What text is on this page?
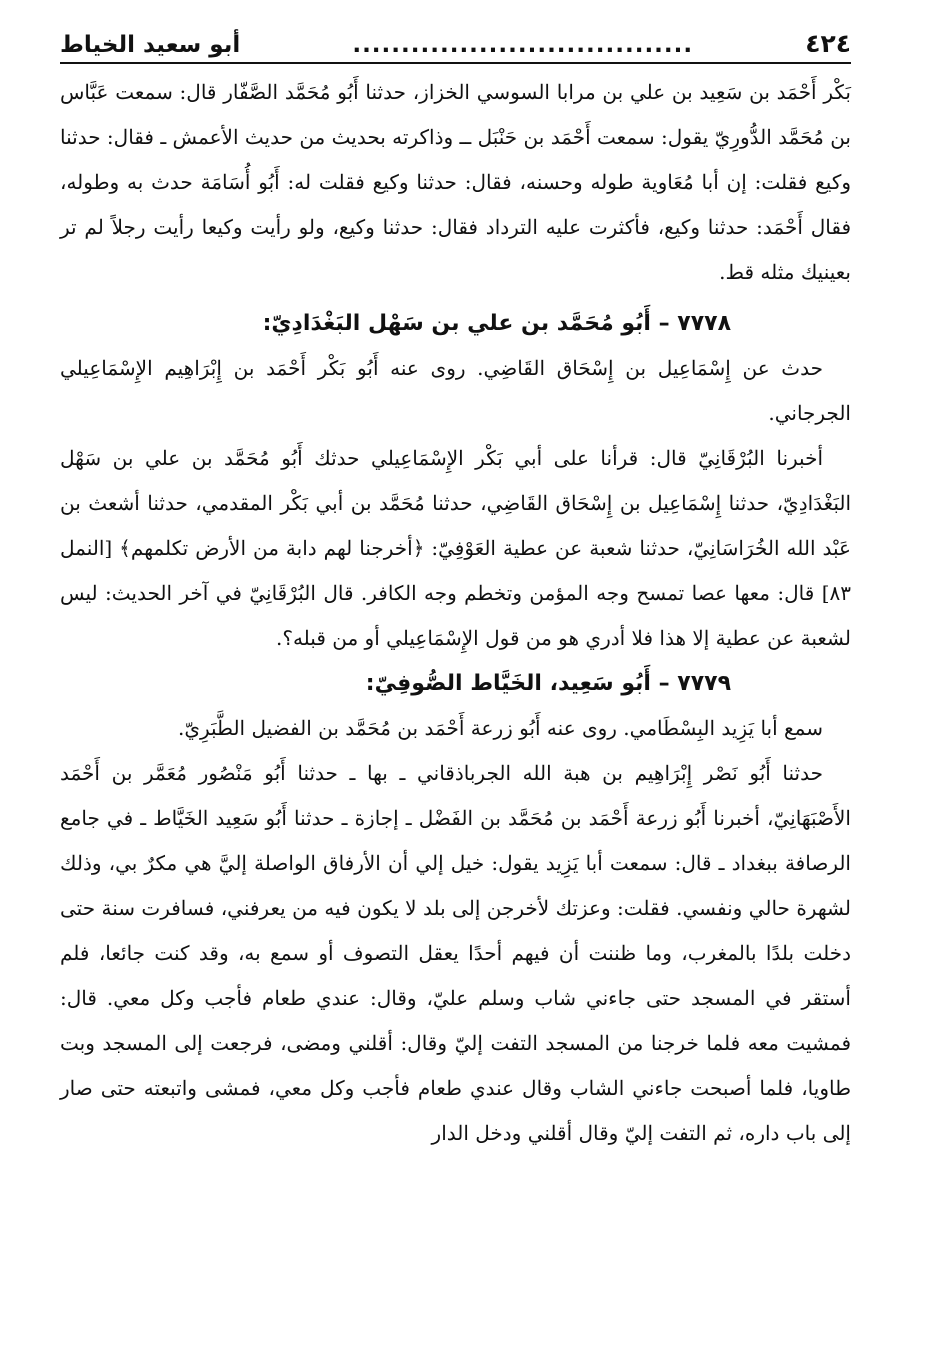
٤٢٤
...................................
أبو سعيد الخياط

بَكْر أَحْمَد بن سَعِيد بن علي بن مرابا السوسي الخزاز، حدثنا أَبُو مُحَمَّد الصَّفّار قال: سمعت عَبَّاس بن مُحَمَّد الدُّورِيّ يقول: سمعت أَحْمَد بن حَنْبَل ــ وذاكرته بحديث من حديث الأعمش ـ فقال: حدثنا وكيع فقلت: إن أبا مُعَاوية طوله وحسنه، فقال: حدثنا وكيع فقلت له: أَبُو أُسَامَة حدث به وطوله، فقال أَحْمَد: حدثنا وكيع، فأكثرت عليه الترداد فقال: حدثنا وكيع، ولو رأيت وكيعا رأيت رجلاً لم تر بعينيك مثله قط.

٧٧٧٨ – أَبُو مُحَمَّد بن علي بن سَهْل البَغْدَادِيّ:

حدث عن إِسْمَاعِيل بن إِسْحَاق القَاضِي. روى عنه أَبُو بَكْر أَحْمَد بن إِبْرَاهِيم الإِسْمَاعِيلي الجرجاني.

أخبرنا البُرْقَانِيّ قال: قرأنا على أبي بَكْر الإِسْمَاعِيلي حدثك أَبُو مُحَمَّد بن علي بن سَهْل البَغْدَادِيّ، حدثنا إِسْمَاعِيل بن إِسْحَاق القَاضِي، حدثنا مُحَمَّد بن أبي بَكْر المقدمي، حدثنا أشعث بن عَبْد الله الخُرَاسَانِيّ، حدثنا شعبة عن عطية العَوْفِيّ: ﴿أخرجنا لهم دابة من الأرض تكلمهم﴾ [النمل ٨٣] قال: معها عصا تمسح وجه المؤمن وتخطم وجه الكافر. قال البُرْقَانِيّ في آخر الحديث: ليس لشعبة عن عطية إلا هذا فلا أدري هو من قول الإِسْمَاعِيلي أو من قبله؟.

٧٧٧٩ – أَبُو سَعِيد، الخَيَّاط الصُّوفِيّ:

سمع أبا يَزِيد البِسْطَامي. روى عنه أَبُو زرعة أَحْمَد بن مُحَمَّد بن الفضيل الطَّبَرِيّ.

حدثنا أَبُو نَصْر إِبْرَاهِيم بن هبة الله الجرباذقاني ـ بها ـ حدثنا أَبُو مَنْصُور مُعَمَّر بن أَحْمَد الأَصْبَهَانِيّ، أخبرنا أَبُو زرعة أَحْمَد بن مُحَمَّد بن الفَضْل ـ إجازة ـ حدثنا أَبُو سَعِيد الخَيَّاط ـ في جامع الرصافة ببغداد ـ قال: سمعت أبا يَزِيد يقول: خيل إلي أن الأرفاق الواصلة إليَّ هي مكرٌ بي، وذلك لشهرة حالي ونفسي. فقلت: وعزتك لأخرجن إلى بلد لا يكون فيه من يعرفني، فسافرت سنة حتى دخلت بلدًا بالمغرب، وما ظننت أن فيهم أحدًا يعقل التصوف أو سمع به، وقد كنت جائعا، فلم أستقر في المسجد حتى جاءني شاب وسلم عليّ، وقال: عندي طعام فأجب وكل معي. قال: فمشيت معه فلما خرجنا من المسجد التفت إليّ وقال: أقلني ومضى، فرجعت إلى المسجد وبت طاويا، فلما أصبحت جاءني الشاب وقال عندي طعام فأجب وكل معي، فمشى واتبعته حتى صار إلى باب داره، ثم التفت إليّ وقال أقلني ودخل الدار
